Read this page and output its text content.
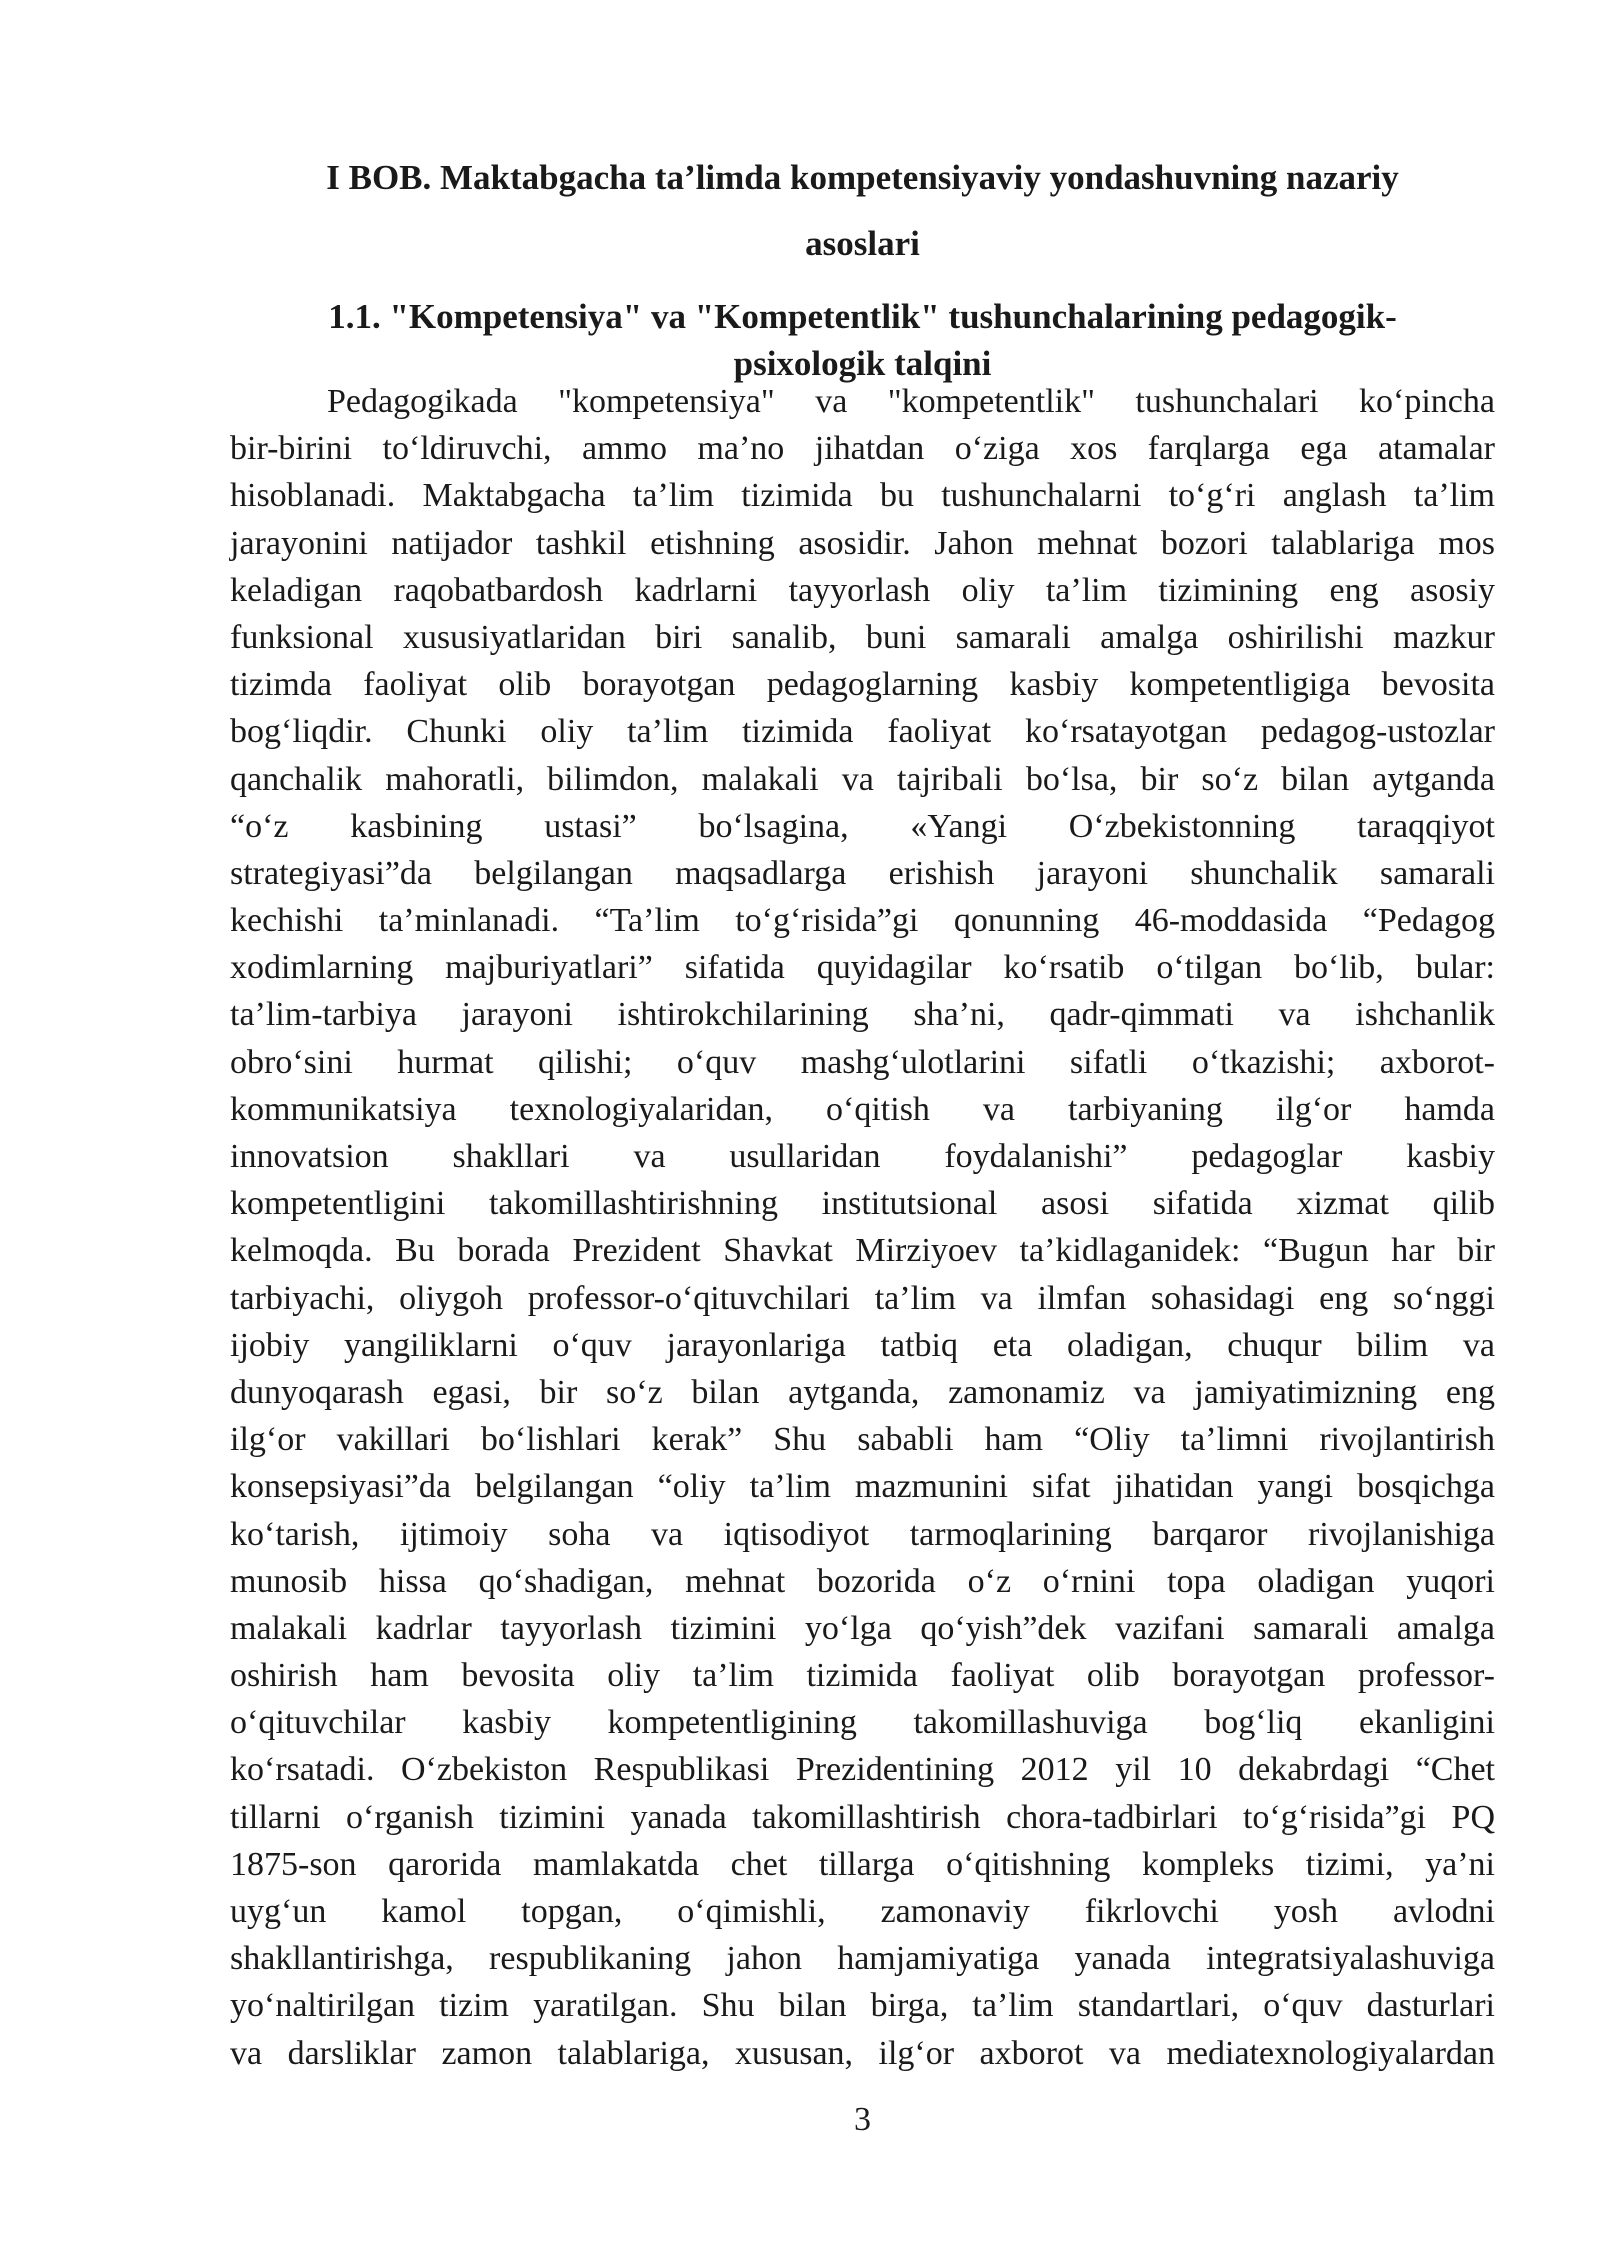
I BOB. Maktabgacha ta’limda kompetensiyaviy yondashuvning nazariy
asoslari
1.1. "Kompetensiya" va "Kompetentlik" tushunchalarining pedagogik-
psixologik talqini
Pedagogikada "kompetensiya" va "kompetentlik" tushunchalari koʻpincha
bir-birini toʻldiruvchi, ammo maʼno jihatdan oʻziga xos farqlarga ega atamalar
hisoblanadi. Maktabgacha taʼlim tizimida bu tushunchalarni toʻgʻri anglash taʼlim
jarayonini natijador tashkil etishning asosidir. Jahon mehnat bozori talablariga mos
keladigan raqobatbardosh kadrlarni tayyorlash oliy ta’lim tizimining eng asosiy
funksional xususiyatlaridan biri sanalib, buni samarali amalga oshirilishi mazkur
tizimda faoliyat olib borayotgan pedagoglarning kasbiy kompetentligiga bevosita
bogʻliqdir. Chunki oliy ta’lim tizimida faoliyat koʻrsatayotgan pedagog-ustozlar
qanchalik mahoratli, bilimdon, malakali va tajribali boʻlsa, bir soʻz bilan aytganda
“oʻz kasbining ustasi” boʻlsagina, «Yangi Oʻzbekistonning taraqqiyot
strategiyasi”da belgilangan maqsadlarga erishish jarayoni shunchalik samarali
kechishi ta’minlanadi. “Ta’lim toʻgʻrisida”gi qonunning 46-moddasida “Pedagog
xodimlarning majburiyatlari” sifatida quyidagilar koʻrsatib oʻtilgan boʻlib, bular:
ta’lim-tarbiya jarayoni ishtirokchilarining sha’ni, qadr-qimmati va ishchanlik
obroʻsini hurmat qilishi; oʻquv mashgʻulotlarini sifatli oʻtkazishi; axborot-
kommunikatsiya texnologiyalaridan, oʻqitish va tarbiyaning ilgʻor hamda
innovatsion shakllari va usullaridan foydalanishi” pedagoglar kasbiy
kompetentligini takomillashtirishning institutsional asosi sifatida xizmat qilib
kelmoqda. Bu borada Prezident Shavkat Mirziyoev ta’kidlaganidek: “Bugun har bir
tarbiyachi, oliygoh professor-oʻqituvchilari ta’lim va ilmfan sohasidagi eng soʻnggi
ijobiy yangiliklarni oʻquv jarayonlariga tatbiq eta oladigan, chuqur bilim va
dunyoqarash egasi, bir soʻz bilan aytganda, zamonamiz va jamiyatimizning eng
ilgʻor vakillari boʻlishlari kerak” Shu sababli ham “Oliy ta’limni rivojlantirish
konsepsiyasi”da belgilangan “oliy ta’lim mazmunini sifat jihatidan yangi bosqichga
koʻtarish, ijtimoiy soha va iqtisodiyot tarmoqlarining barqaror rivojlanishiga
munosib hissa qoʻshadigan, mehnat bozorida oʻz oʻrnini topa oladigan yuqori
malakali kadrlar tayyorlash tizimini yoʻlga qoʻyish”dek vazifani samarali amalga
oshirish ham bevosita oliy ta’lim tizimida faoliyat olib borayotgan professor-
oʻqituvchilar kasbiy kompetentligining takomillashuviga bogʻliq ekanligini
koʻrsatadi. Oʻzbekiston Respublikasi Prezidentining 2012 yil 10 dekabrdagi “Chet
tillarni oʻrganish tizimini yanada takomillashtirish chora-tadbirlari toʻgʻrisida”gi PQ
1875-son qarorida mamlakatda chet tillarga oʻqitishning kompleks tizimi, ya’ni
uygʻun kamol topgan, oʻqimishli, zamonaviy fikrlovchi yosh avlodni
shakllantirishga, respublikaning jahon hamjamiyatiga yanada integratsiyalashuviga
yoʻnaltirilgan tizim yaratilgan. Shu bilan birga, ta’lim standartlari, oʻquv dasturlari
va darsliklar zamon talablariga, xususan, ilgʻor axborot va mediatexnologiyalardan
3
